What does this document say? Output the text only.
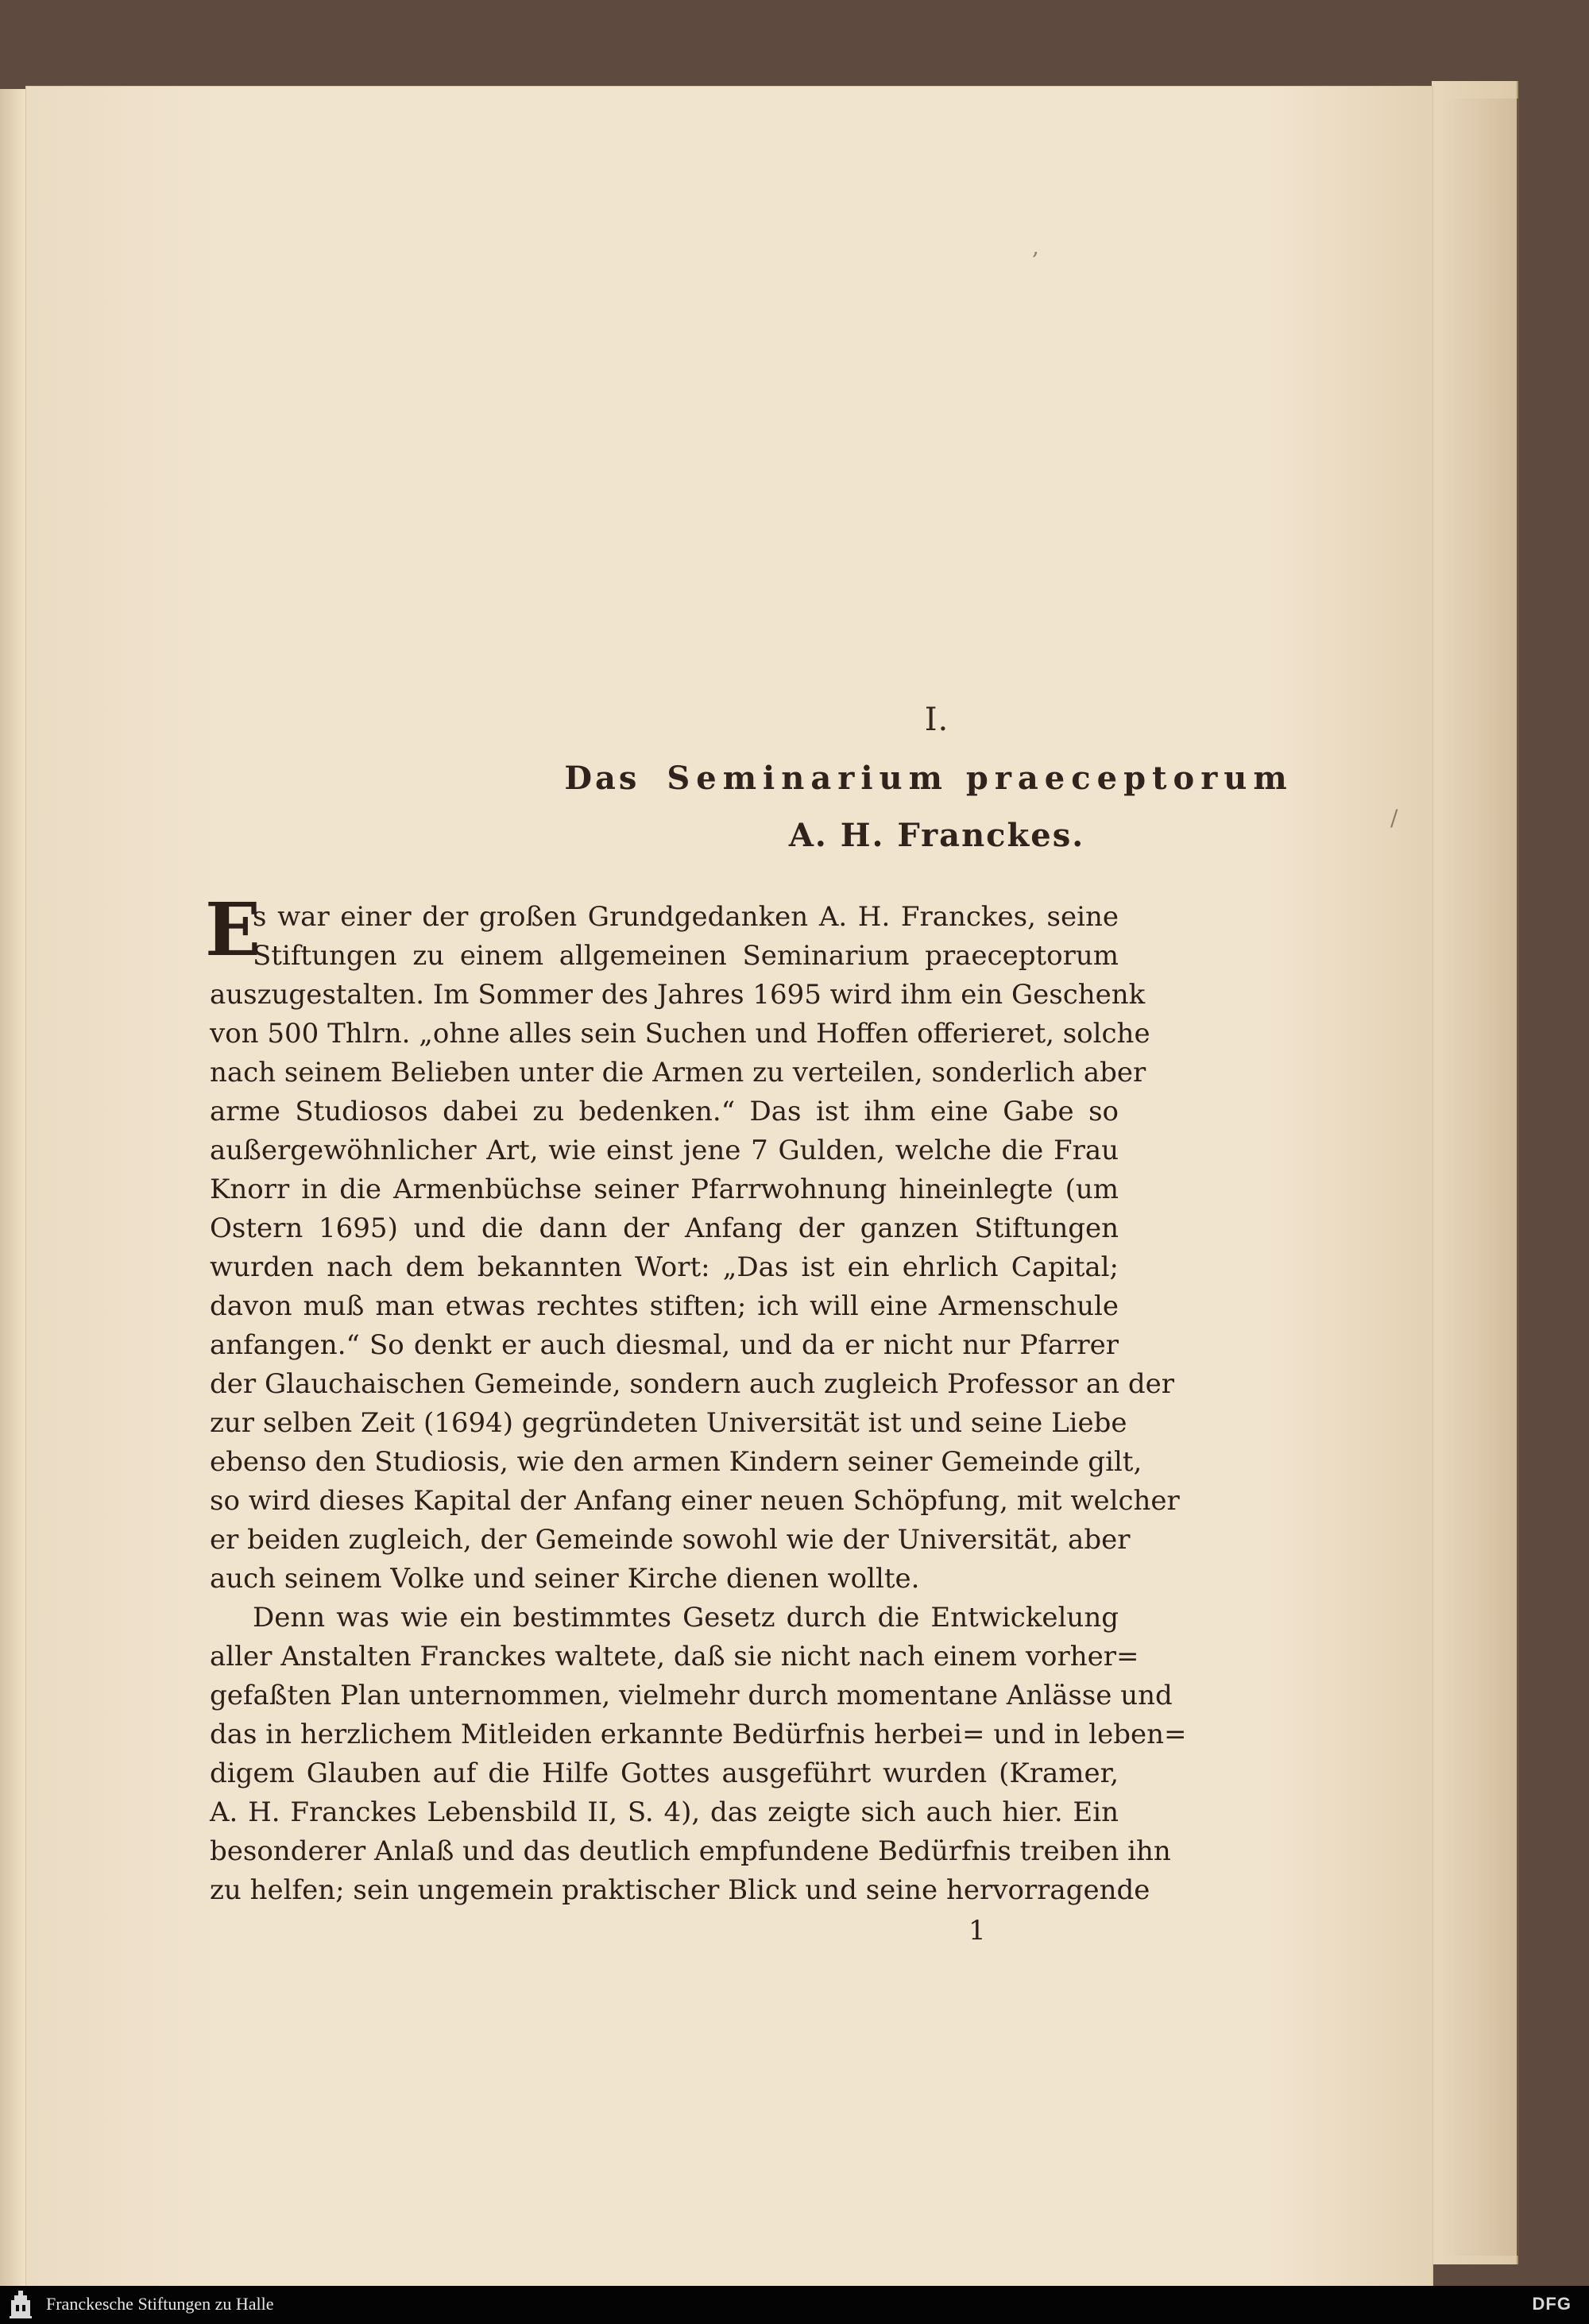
I.
Das Seminarium praeceptorum
A. H. Franckes.
E
s war einer der großen Grundgedanken A. H. Franckes, seine
Stiftungen zu einem allgemeinen Seminarium praeceptorum
auszugestalten. Im Sommer des Jahres 1695 wird ihm ein Geschenk
von 500 Thlrn. „ohne alles sein Suchen und Hoffen offerieret, solche
nach seinem Belieben unter die Armen zu verteilen, sonderlich aber
arme Studiosos dabei zu bedenken.“ Das ist ihm eine Gabe so
außergewöhnlicher Art, wie einst jene 7 Gulden, welche die Frau
Knorr in die Armenbüchse seiner Pfarrwohnung hineinlegte (um
Ostern 1695) und die dann der Anfang der ganzen Stiftungen
wurden nach dem bekannten Wort: „Das ist ein ehrlich Capital;
davon muß man etwas rechtes stiften; ich will eine Armenschule
anfangen.“ So denkt er auch diesmal, und da er nicht nur Pfarrer
der Glauchaischen Gemeinde, sondern auch zugleich Professor an der
zur selben Zeit (1694) gegründeten Universität ist und seine Liebe
ebenso den Studiosis, wie den armen Kindern seiner Gemeinde gilt,
so wird dieses Kapital der Anfang einer neuen Schöpfung, mit welcher
er beiden zugleich, der Gemeinde sowohl wie der Universität, aber
auch seinem Volke und seiner Kirche dienen wollte.
Denn was wie ein bestimmtes Gesetz durch die Entwickelung
aller Anstalten Franckes waltete, daß sie nicht nach einem vorher=
gefaßten Plan unternommen, vielmehr durch momentane Anlässe und
das in herzlichem Mitleiden erkannte Bedürfnis herbei= und in leben=
digem Glauben auf die Hilfe Gottes ausgeführt wurden (Kramer,
A. H. Franckes Lebensbild II, S. 4), das zeigte sich auch hier. Ein
besonderer Anlaß und das deutlich empfundene Bedürfnis treiben ihn
zu helfen; sein ungemein praktischer Blick und seine hervorragende
1
,
/
Franckesche Stiftungen zu Halle	DFG
